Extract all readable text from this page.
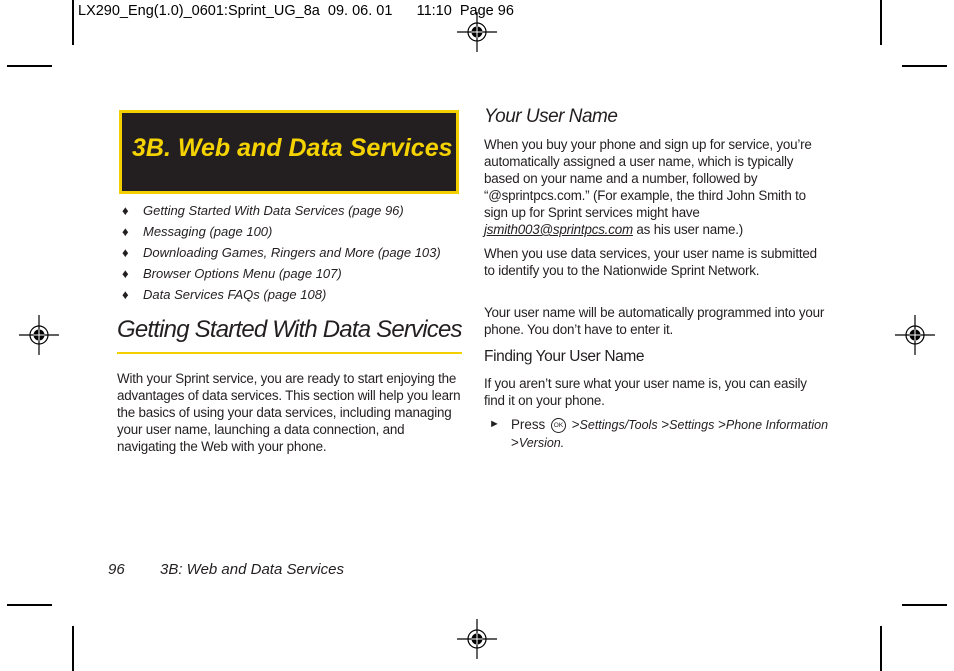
LX290_Eng(1.0)_0601:Sprint_UG_8a 09. 06. 01 11:10 Page 96
3B. Web and Data Services
♦ Getting Started With Data Services (page 96)
♦ Messaging (page 100)
♦ Downloading Games, Ringers and More (page 103)
♦ Browser Options Menu (page 107)
♦ Data Services FAQs (page 108)
Getting Started With Data Services
With your Sprint service, you are ready to start enjoying the advantages of data services. This section will help you learn the basics of using your data services, including managing your user name, launching a data connection, and navigating the Web with your phone.
Your User Name
When you buy your phone and sign up for service, you’re automatically assigned a user name, which is typically based on your name and a number, followed by “@sprintpcs.com.” (For example, the third John Smith to sign up for Sprint services might have jsmith003@sprintpcs.com as his user name.)
When you use data services, your user name is submitted to identify you to the Nationwide Sprint Network.
Your user name will be automatically programmed into your phone. You don’t have to enter it.
Finding Your User Name
If you aren’t sure what your user name is, you can easily find it on your phone.
► Press OK >Settings/Tools >Settings >Phone Information >Version.
96 3B: Web and Data Services
